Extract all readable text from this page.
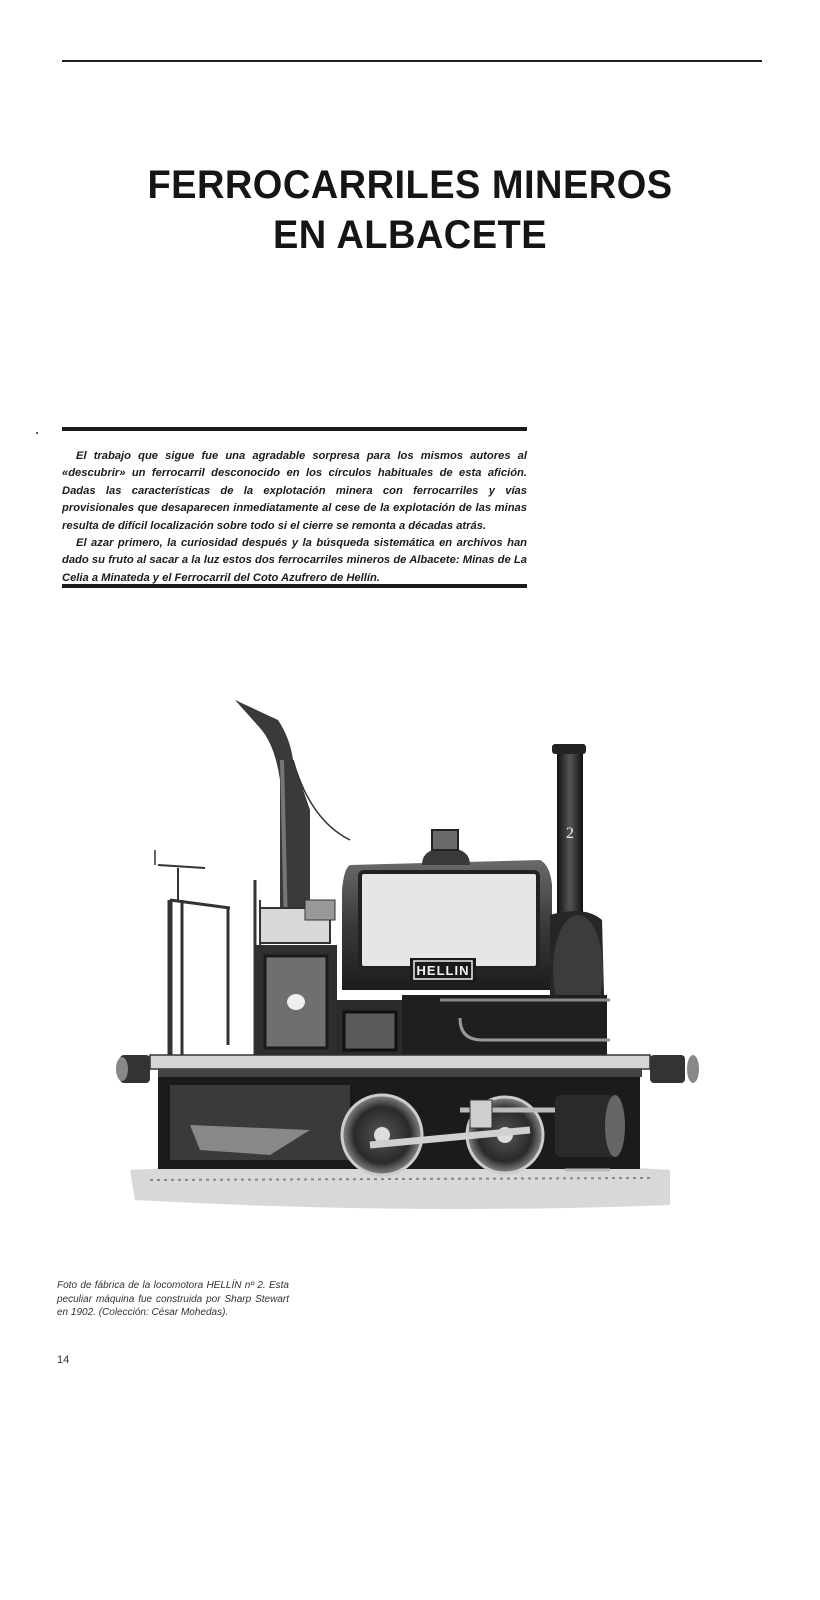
FERROCARRILES MINEROS
EN ALBACETE

El trabajo que sigue fue una agradable sorpresa para los mismos autores al «descubrir» un ferrocarril desconocido en los círculos habituales de esta afición. Dadas las características de la explotación minera con ferrocarriles y vías provisionales que desaparecen inmediatamente al cese de la explotación de las minas resulta de difícil localización sobre todo si el cierre se remonta a décadas atrás.

El azar primero, la curiosidad después y la búsqueda sistemática en archivos han dado su fruto al sacar a la luz estos dos ferrocarriles mineros de Albacete: Minas de La Celia a Minateda y el Ferrocarril del Coto Azufrero de Hellín.

HELLIN
2
Foto de fábrica de la locomotora HELLÍN nº 2. Esta peculiar máquina fue construida por Sharp Stewart en 1902. (Colección: César Mohedas).
14
